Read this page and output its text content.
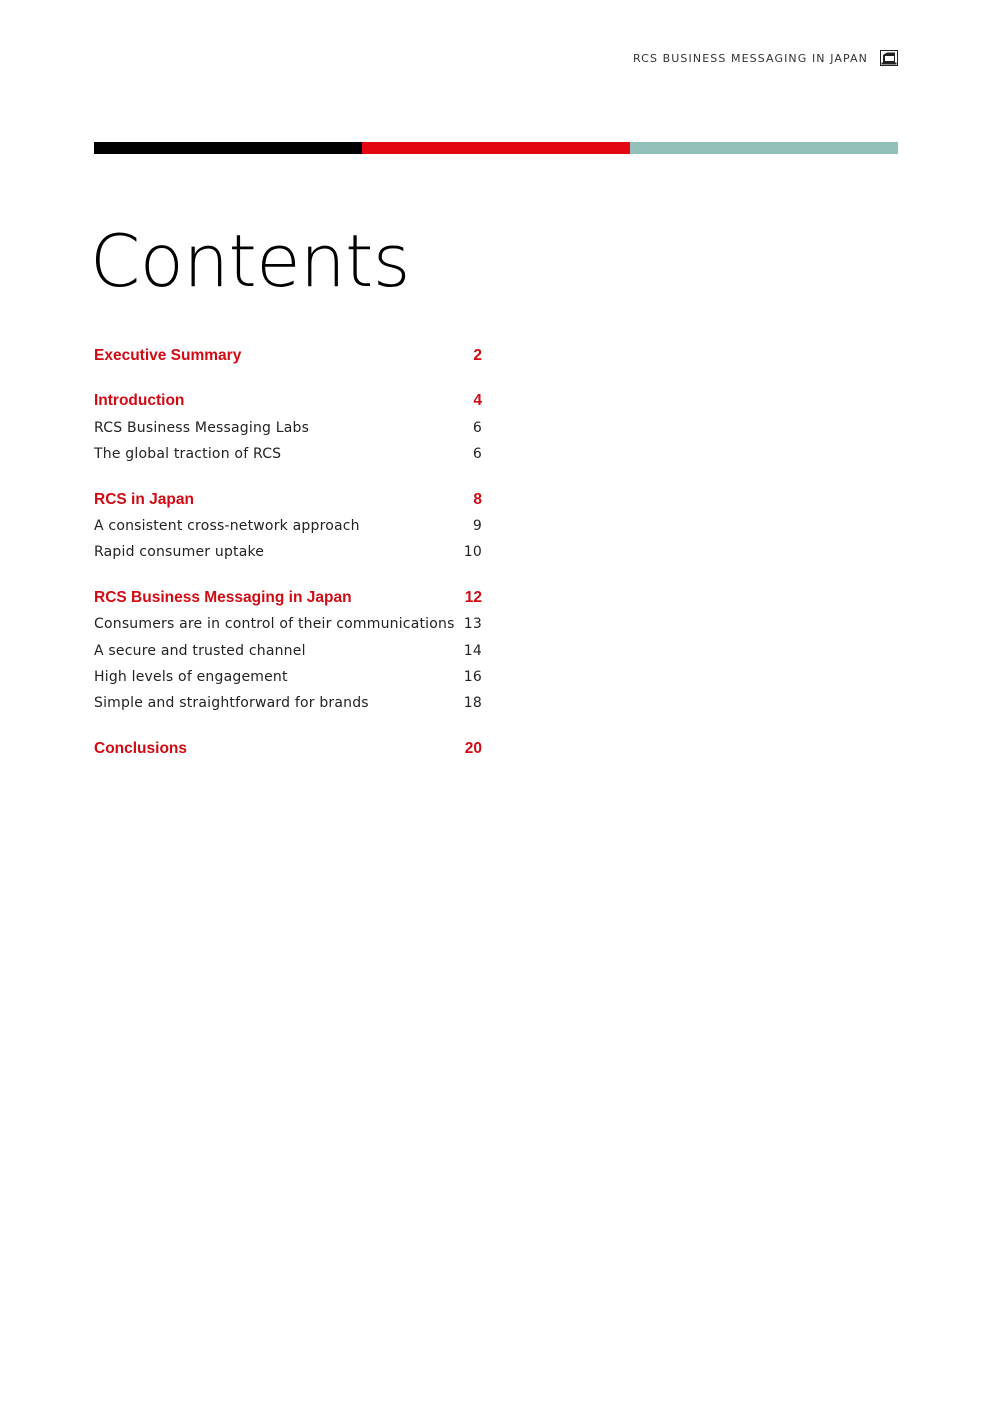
RCS BUSINESS MESSAGING IN JAPAN
Contents
Executive Summary	2
Introduction	4
RCS Business Messaging Labs	6
The global traction of RCS	6
RCS in Japan	8
A consistent cross-network approach	9
Rapid consumer uptake	10
RCS Business Messaging in Japan	12
Consumers are in control of their communications 13
A secure and trusted channel	14
High levels of engagement	16
Simple and straightforward for brands	18
Conclusions	20
